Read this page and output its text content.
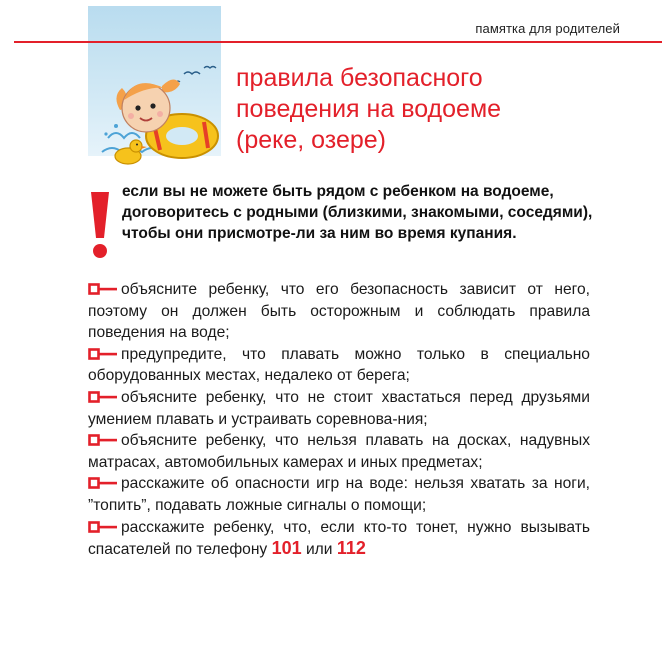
памятка для родителей
правила безопасного
поведения на водоеме
(реке, озере)
если вы не можете быть рядом с ребенком на водоеме, договоритесь с родными (близкими, знакомыми, соседями), чтобы они присмотре-ли за ним во время купания.
объясните ребенку, что его безопасность зависит от него, поэтому он должен быть осторожным и соблюдать правила поведения на воде;
предупредите, что плавать можно только в специально оборудованных местах, недалеко от берега;
объясните ребенку, что не стоит хвастаться перед друзьями умением плавать и устраивать соревнова-ния;
объясните ребенку, что нельзя плавать на досках, надувных матрасах, автомобильных камерах и иных предметах;
расскажите об опасности игр на воде: нельзя хватать за ноги, ”топить”, подавать ложные сигналы о помощи;
расскажите ребенку, что, если кто-то тонет, нужно вызывать спасателей по телефону 101 или 112
